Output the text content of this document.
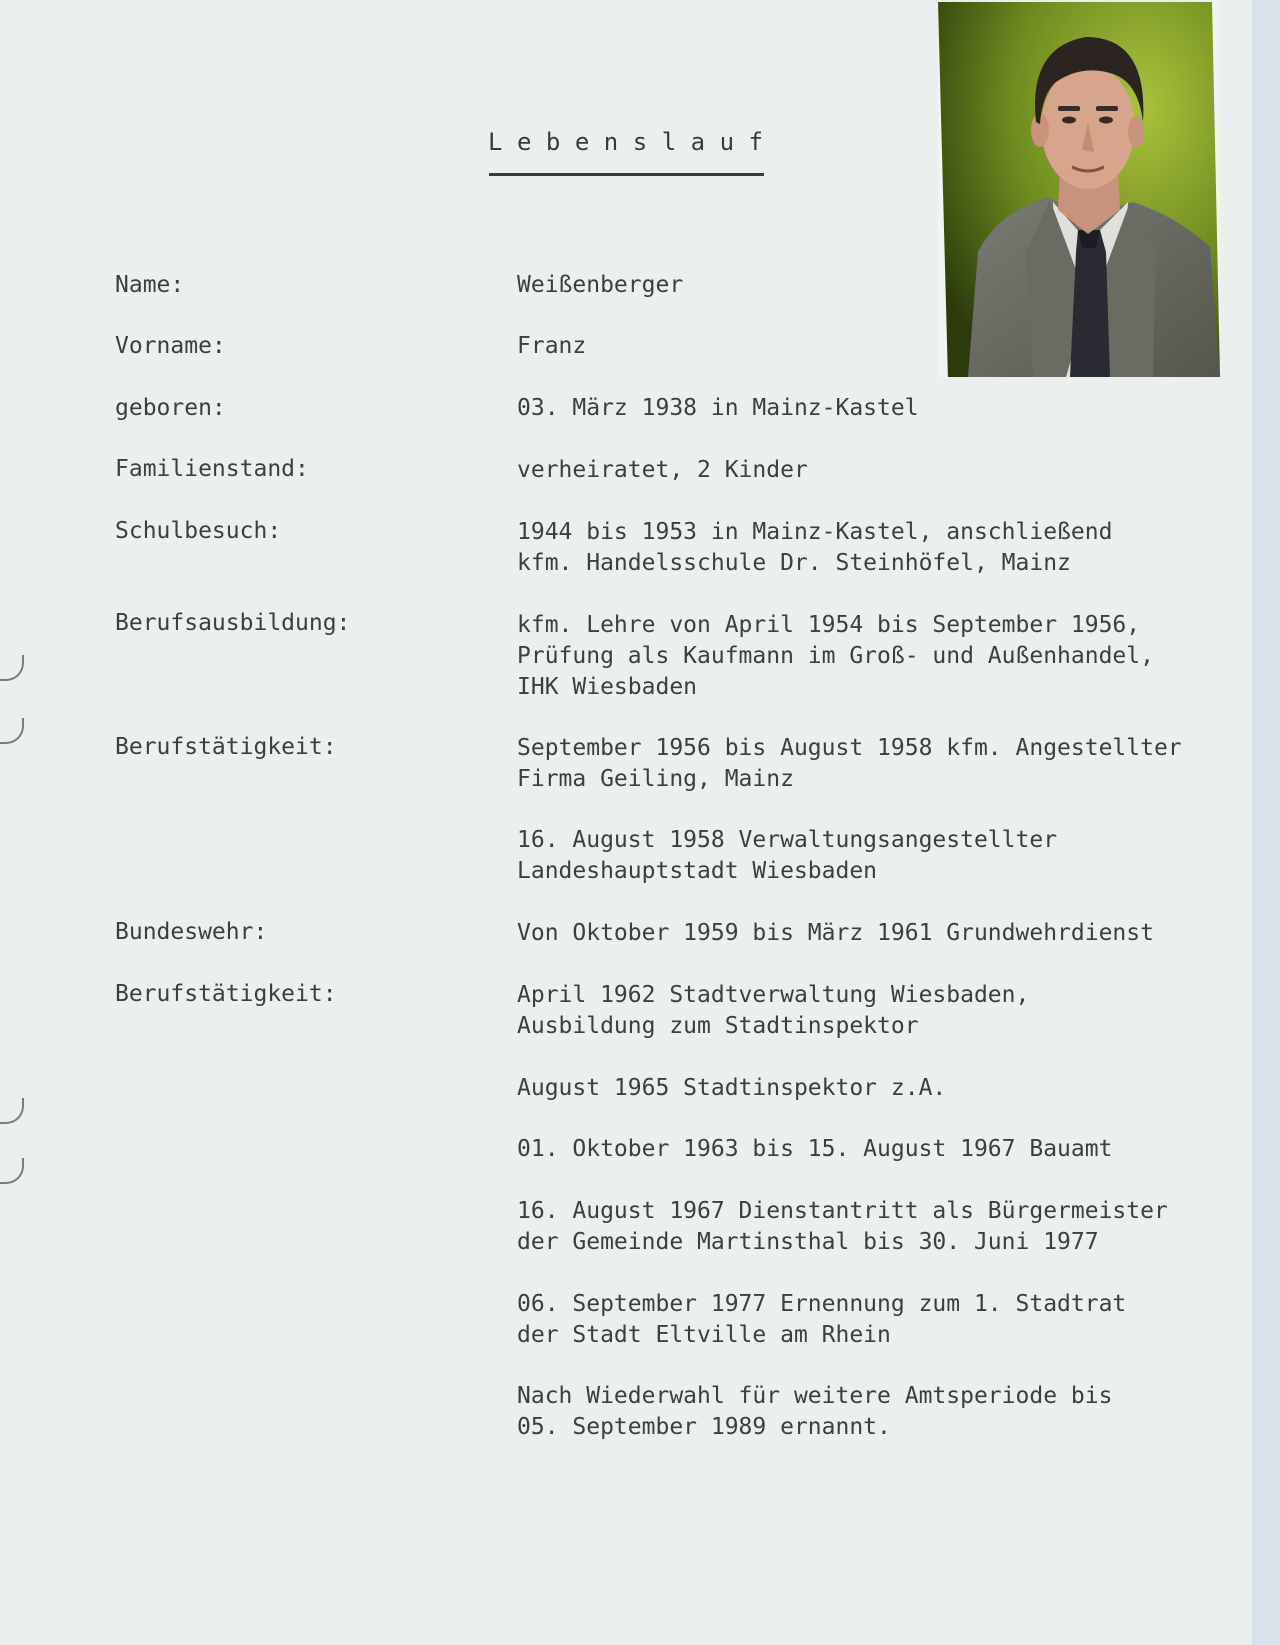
Lebenslauf
Name:	Weißenberger
Vorname:	Franz
geboren:	03. März 1938 in Mainz-Kastel
Familienstand:	verheiratet, 2 Kinder
Schulbesuch:	1944 bis 1953 in Mainz-Kastel, anschließend
kfm. Handelsschule Dr. Steinhöfel, Mainz
Berufsausbildung:	kfm. Lehre von April 1954 bis September 1956,
Prüfung als Kaufmann im Groß- und Außenhandel,
IHK Wiesbaden
Berufstätigkeit:	September 1956 bis August 1958 kfm. Angestellter
Firma Geiling, Mainz
16. August 1958 Verwaltungsangestellter
Landeshauptstadt Wiesbaden
Bundeswehr:	Von Oktober 1959 bis März 1961 Grundwehrdienst
Berufstätigkeit:	April 1962 Stadtverwaltung Wiesbaden,
Ausbildung zum Stadtinspektor
August 1965 Stadtinspektor z.A.
01. Oktober 1963 bis 15. August 1967 Bauamt
16. August 1967 Dienstantritt als Bürgermeister
der Gemeinde Martinsthal bis 30. Juni 1977
06. September 1977 Ernennung zum 1. Stadtrat
der Stadt Eltville am Rhein
Nach Wiederwahl für weitere Amtsperiode bis
05. September 1989 ernannt.
